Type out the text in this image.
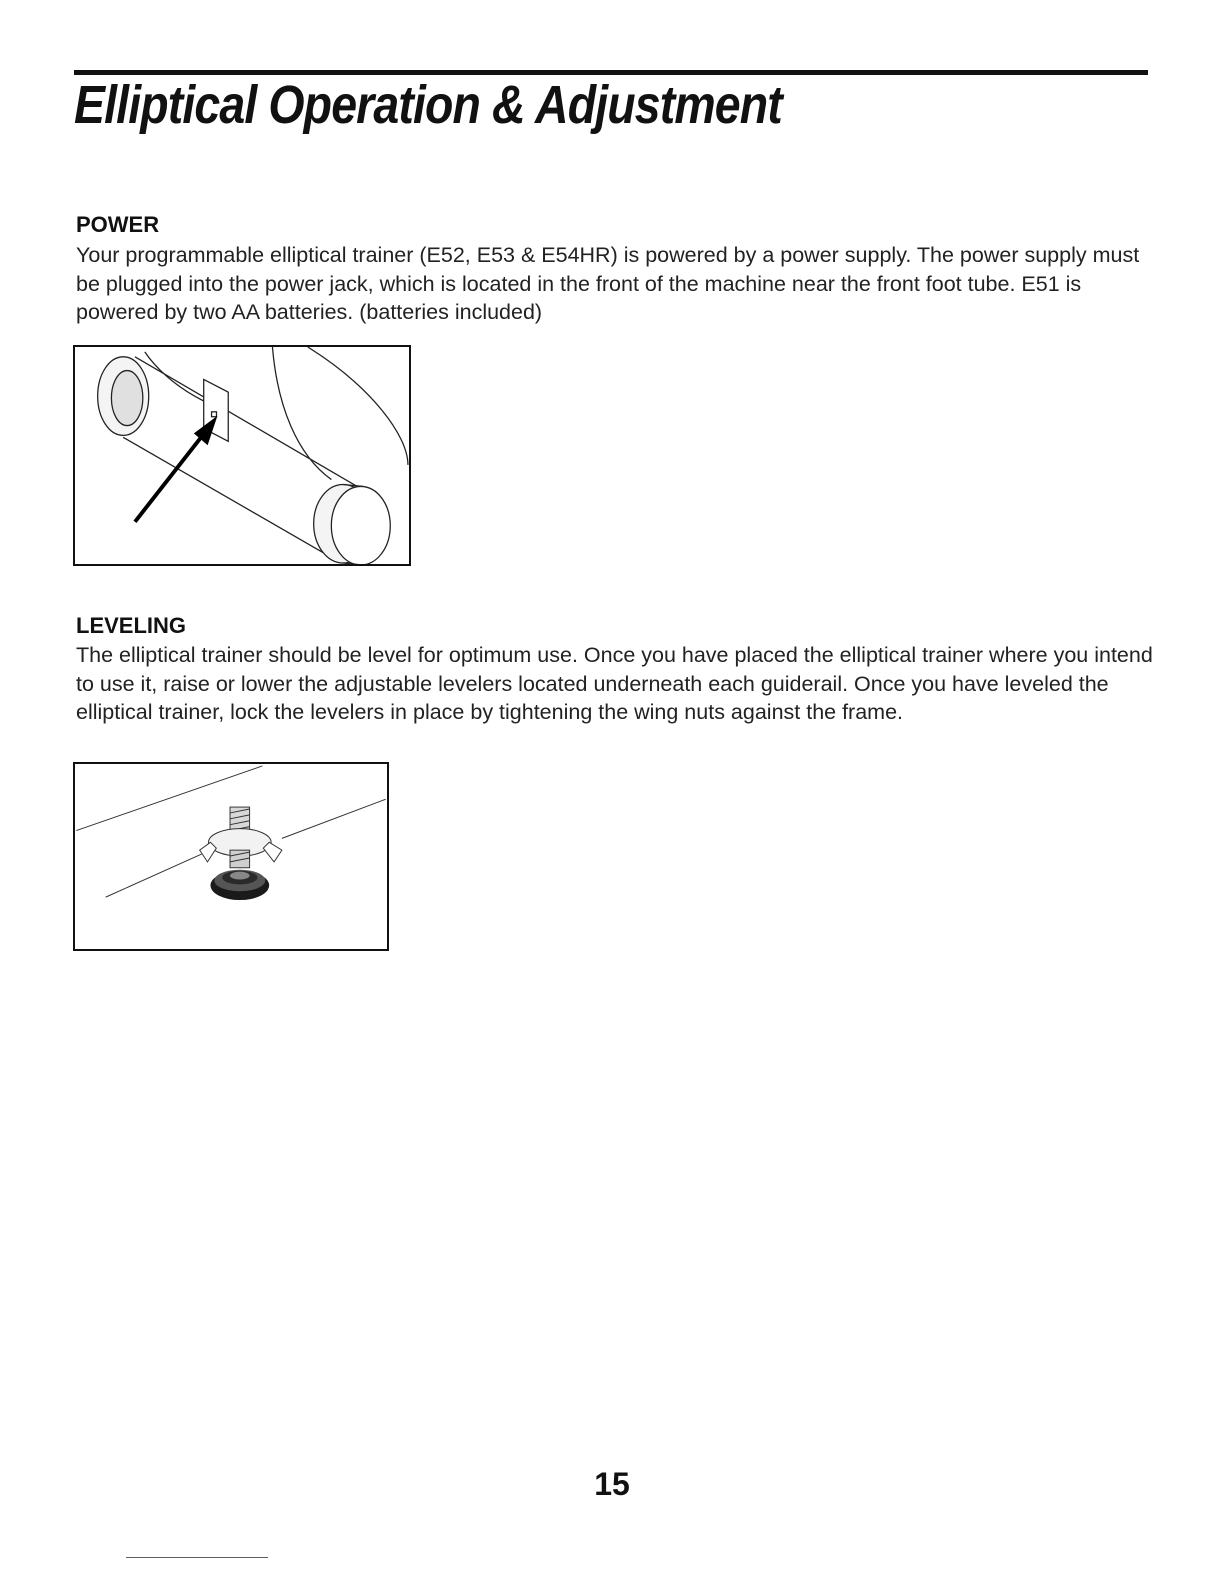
Elliptical Operation & Adjustment
POWER

Your programmable elliptical trainer (E52, E53 & E54HR) is powered by a power supply. The power supply must be plugged into the power jack, which is located in the front of the machine near the front foot tube. E51 is powered by two AA batteries. (batteries included)

LEVELING

The elliptical trainer should be level for optimum use. Once you have placed the elliptical trainer where you intend to use it, raise or lower the adjustable levelers located underneath each guiderail. Once you have leveled the elliptical trainer, lock the levelers in place by tightening the wing nuts against the frame.

15
